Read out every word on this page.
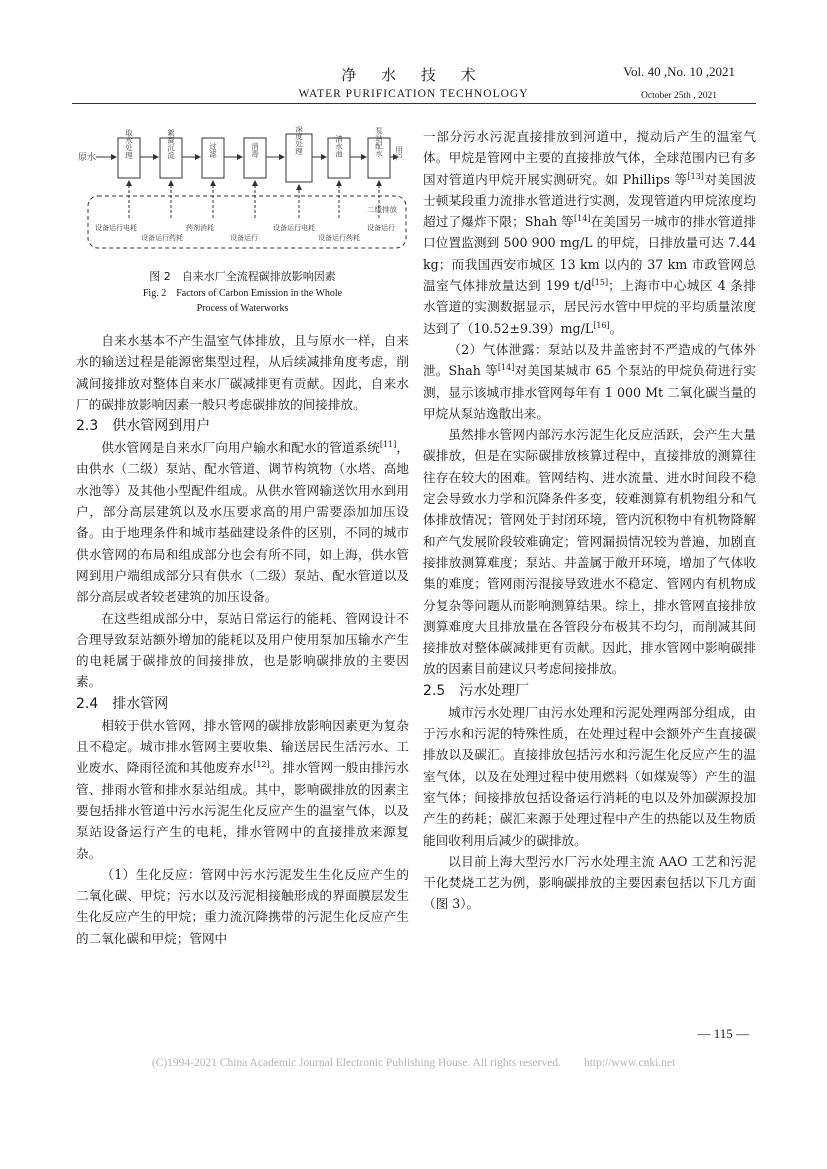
净 水 技 术	Vol. 40 ,No. 10 ,2021
WATER PURIFICATION TECHNOLOGY	October 25th , 2021
原水	取水处理	絮凝沉淀	过滤	消毒	深度处理	清水池	泵站配水 用户
二级排放
设备运行电耗
设备运行药耗
药剂消耗
设备运行
设备运行电耗
设备运行药耗
设备运行
图 2　自来水厂全流程碳排放影响因素
Fig. 2　Factors of Carbon Emission in the Whole
Process of Waterworks

自来水基本不产生温室气体排放，且与原水一样，自来水的输送过程是能源密集型过程，从后续减排角度考虑，削减间接排放对整体自来水厂碳减排更有贡献。因此，自来水厂的碳排放影响因素一般只考虑碳排放的间接排放。

2.3　供水管网到用户

供水管网是自来水厂向用户输水和配水的管道系统[11]，由供水（二级）泵站、配水管道、调节构筑物（水塔、高地水池等）及其他小型配件组成。从供水管网输送饮用水到用户，部分高层建筑以及水压要求高的用户需要添加加压设备。由于地理条件和城市基础建设条件的区别，不同的城市供水管网的布局和组成部分也会有所不同，如上海，供水管网到用户端组成部分只有供水（二级）泵站、配水管道以及部分高层或者较老建筑的加压设备。

在这些组成部分中，泵站日常运行的能耗、管网设计不合理导致泵站额外增加的能耗以及用户使用泵加压输水产生的电耗属于碳排放的间接排放，也是影响碳排放的主要因素。

2.4　排水管网

相较于供水管网，排水管网的碳排放影响因素更为复杂且不稳定。城市排水管网主要收集、输送居民生活污水、工业废水、降雨径流和其他废弃水[12]。排水管网一般由排污水管、排雨水管和排水泵站组成。其中，影响碳排放的因素主要包括排水管道中污水污泥生化反应产生的温室气体，以及泵站设备运行产生的电耗，排水管网中的直接排放来源复杂。

（1）生化反应：管网中污水污泥发生生化反应产生的二氧化碳、甲烷；污水以及污泥相接触形成的界面膜层发生生化反应产生的甲烷；重力流沉降携带的污泥生化反应产生的二氧化碳和甲烷；管网中

一部分污水污泥直接排放到河道中，搅动后产生的温室气体。甲烷是管网中主要的直接排放气体，全球范围内已有多国对管道内甲烷开展实测研究。如 Phillips 等[13]对美国波士顿某段重力流排水管道进行实测，发现管道内甲烷浓度均超过了爆炸下限；Shah 等[14]在美国另一城市的排水管道排口位置监测到 500 900 mg/L 的甲烷，日排放量可达 7.44 kg；而我国西安市城区 13 km 以内的 37 km 市政管网总温室气体排放量达到 199 t/d[15]；上海市中心城区 4 条排水管道的实测数据显示，居民污水管中甲烷的平均质量浓度达到了（10.52±9.39）mg/L[16]。

（2）气体泄露：泵站以及井盖密封不严造成的气体外泄。Shah 等[14]对美国某城市 65 个泵站的甲烷负荷进行实测，显示该城市排水管网每年有 1 000 Mt 二氧化碳当量的甲烷从泵站逸散出来。

虽然排水管网内部污水污泥生化反应活跃，会产生大量碳排放，但是在实际碳排放核算过程中，直接排放的测算往往存在较大的困难。管网结构、进水流量、进水时间段不稳定会导致水力学和沉降条件多变，较难测算有机物组分和气体排放情况；管网处于封闭环境，管内沉积物中有机物降解和产气发展阶段较难确定；管网漏损情况较为普遍，加剧直接排放测算难度；泵站、井盖属于敞开环境，增加了气体收集的难度；管网雨污混接导致进水不稳定、管网内有机物成分复杂等问题从而影响测算结果。综上，排水管网直接排放测算难度大且排放量在各管段分布极其不均匀，而削减其间接排放对整体碳减排更有贡献。因此，排水管网中影响碳排放的因素目前建议只考虑间接排放。

2.5　污水处理厂

城市污水处理厂由污水处理和污泥处理两部分组成，由于污水和污泥的特殊性质，在处理过程中会额外产生直接碳排放以及碳汇。直接排放包括污水和污泥生化反应产生的温室气体，以及在处理过程中使用燃料（如煤炭等）产生的温室气体；间接排放包括设备运行消耗的电以及外加碳源投加产生的药耗；碳汇来源于处理过程中产生的热能以及生物质能回收利用后减少的碳排放。

以目前上海大型污水厂污水处理主流 AAO 工艺和污泥干化焚烧工艺为例，影响碳排放的主要因素包括以下几方面（图 3）。

— 115 —
(C)1994-2021 China Academic Journal Electronic Publishing House. All rights reserved.　　http://www.cnki.net
